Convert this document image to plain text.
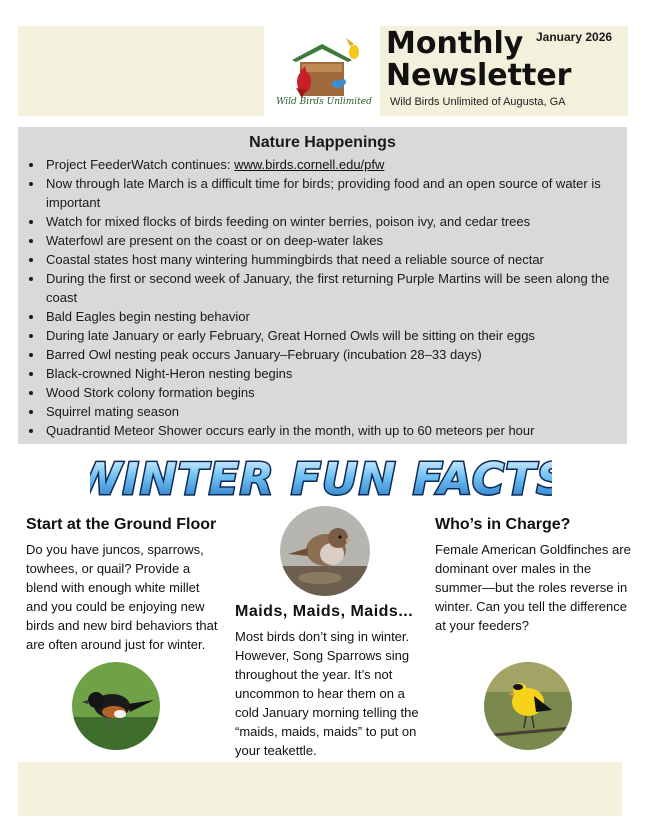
Wild Birds Unlimited
Monthly
Newsletter
January 2026
Wild Birds Unlimited of Augusta, GA
Nature Happenings
• Project FeederWatch continues: www.birds.cornell.edu/pfw
• Now through late March is a difficult time for birds; providing food and an open source of water is important
• Watch for mixed flocks of birds feeding on winter berries, poison ivy, and cedar trees
• Waterfowl are present on the coast or on deep-water lakes
• Coastal states host many wintering hummingbirds that need a reliable source of nectar
• During the first or second week of January, the first returning Purple Martins will be seen along the coast
• Bald Eagles begin nesting behavior
• During late January or early February, Great Horned Owls will be sitting on their eggs
• Barred Owl nesting peak occurs January–February (incubation 28–33 days)
• Black-crowned Night-Heron nesting begins
• Wood Stork colony formation begins
• Squirrel mating season
• Quadrantid Meteor Shower occurs early in the month, with up to 60 meteors per hour
WINTER FUN FACTS
Start at the Ground Floor

Do you have juncos, sparrows, towhees, or quail? Provide a blend with enough white millet and you could be enjoying new birds and new bird behaviors that are often around just for winter.

Maids, Maids, Maids...

Most birds don’t sing in winter. However, Song Sparrows sing throughout the year. It’s not uncommon to hear them on a cold January morning telling the “maids, maids, maids” to put on your teakettle.

Who’s in Charge?

Female American Goldfinches are dominant over males in the summer—but the roles reverse in winter. Can you tell the difference at your feeders?
